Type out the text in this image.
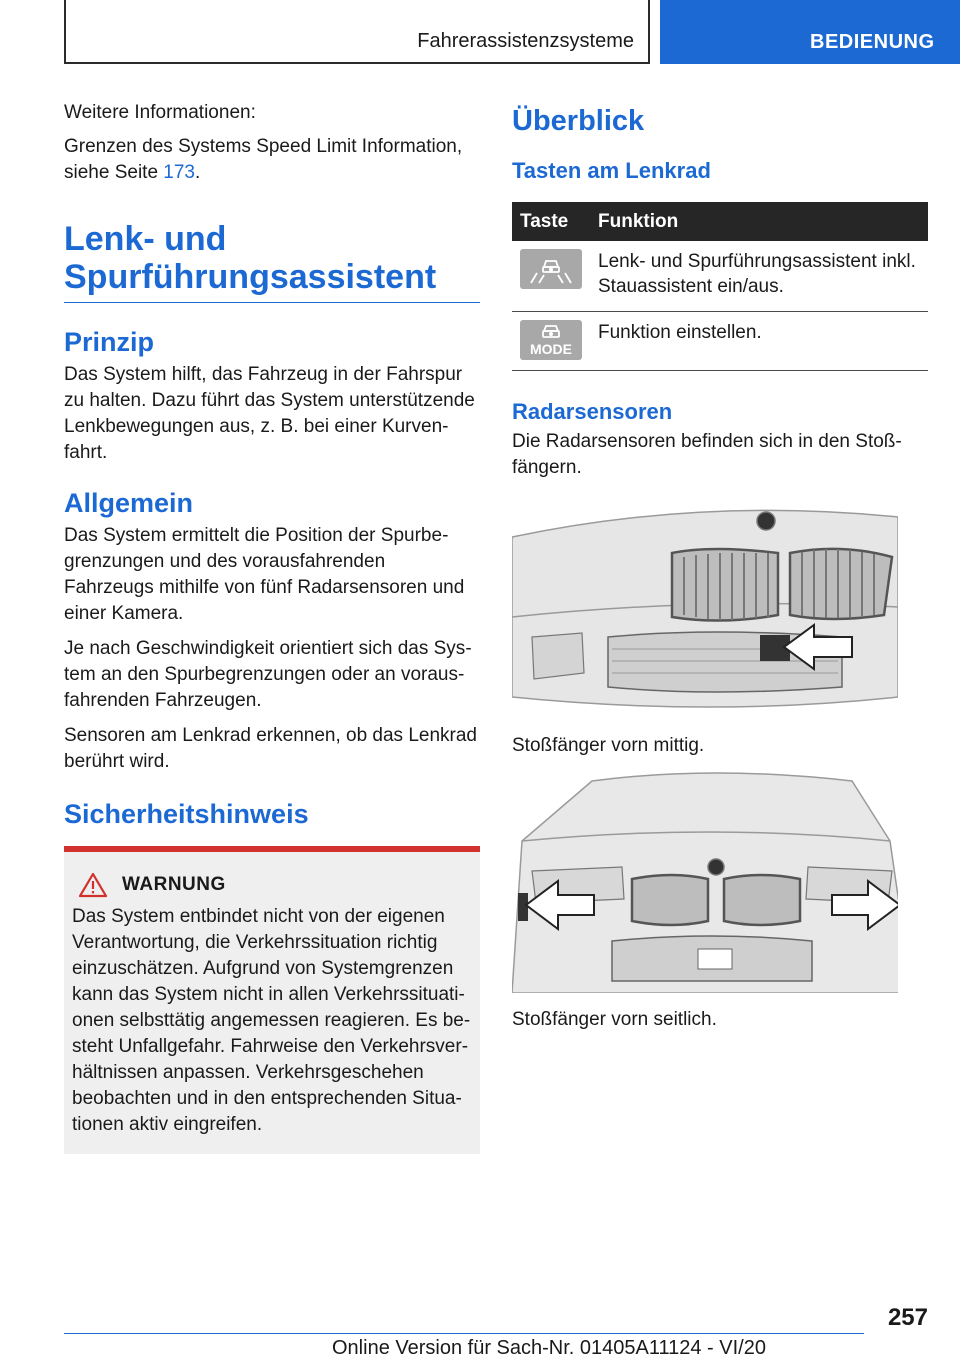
Fahrerassistenzsysteme	BEDIENUNG

Weitere Informationen:

Grenzen des Systems Speed Limit Information, siehe Seite 173.

Lenk- und
Spurführungsassistent
Prinzip

Das System hilft, das Fahrzeug in der Fahrspur zu halten. Dazu führt das System unterstützende Lenkbewegungen aus, z. B. bei einer Kurvenfahrt.

Allgemein

Das System ermittelt die Position der Spurbegrenzungen und des vorausfahrenden Fahrzeugs mithilfe von fünf Radarsensoren und einer Kamera.

Je nach Geschwindigkeit orientiert sich das System an den Spurbegrenzungen oder an vorausfahrenden Fahrzeugen.

Sensoren am Lenkrad erkennen, ob das Lenkrad berührt wird.

Sicherheitshinweis
WARNUNG

Das System entbindet nicht von der eigenen Verantwortung, die Verkehrssituation richtig einzuschätzen. Aufgrund von Systemgrenzen kann das System nicht in allen Verkehrssituationen selbsttätig angemessen reagieren. Es besteht Unfallgefahr. Fahrweise den Verkehrsverhältnissen anpassen. Verkehrsgeschehen beobachten und in den entsprechenden Situationen aktiv eingreifen.

Überblick
Tasten am Lenkrad
Taste	Funktion

	Lenk- und Spurführungsassistent inkl. Stauassistent ein/aus.

MODE	Funktion einstellen.
Radarsensoren

Die Radarsensoren befinden sich in den Stoßfängern.

Stoßfänger vorn mittig.

Stoßfänger vorn seitlich.

257
Online Version für Sach-Nr. 01405A11124 - VI/20
